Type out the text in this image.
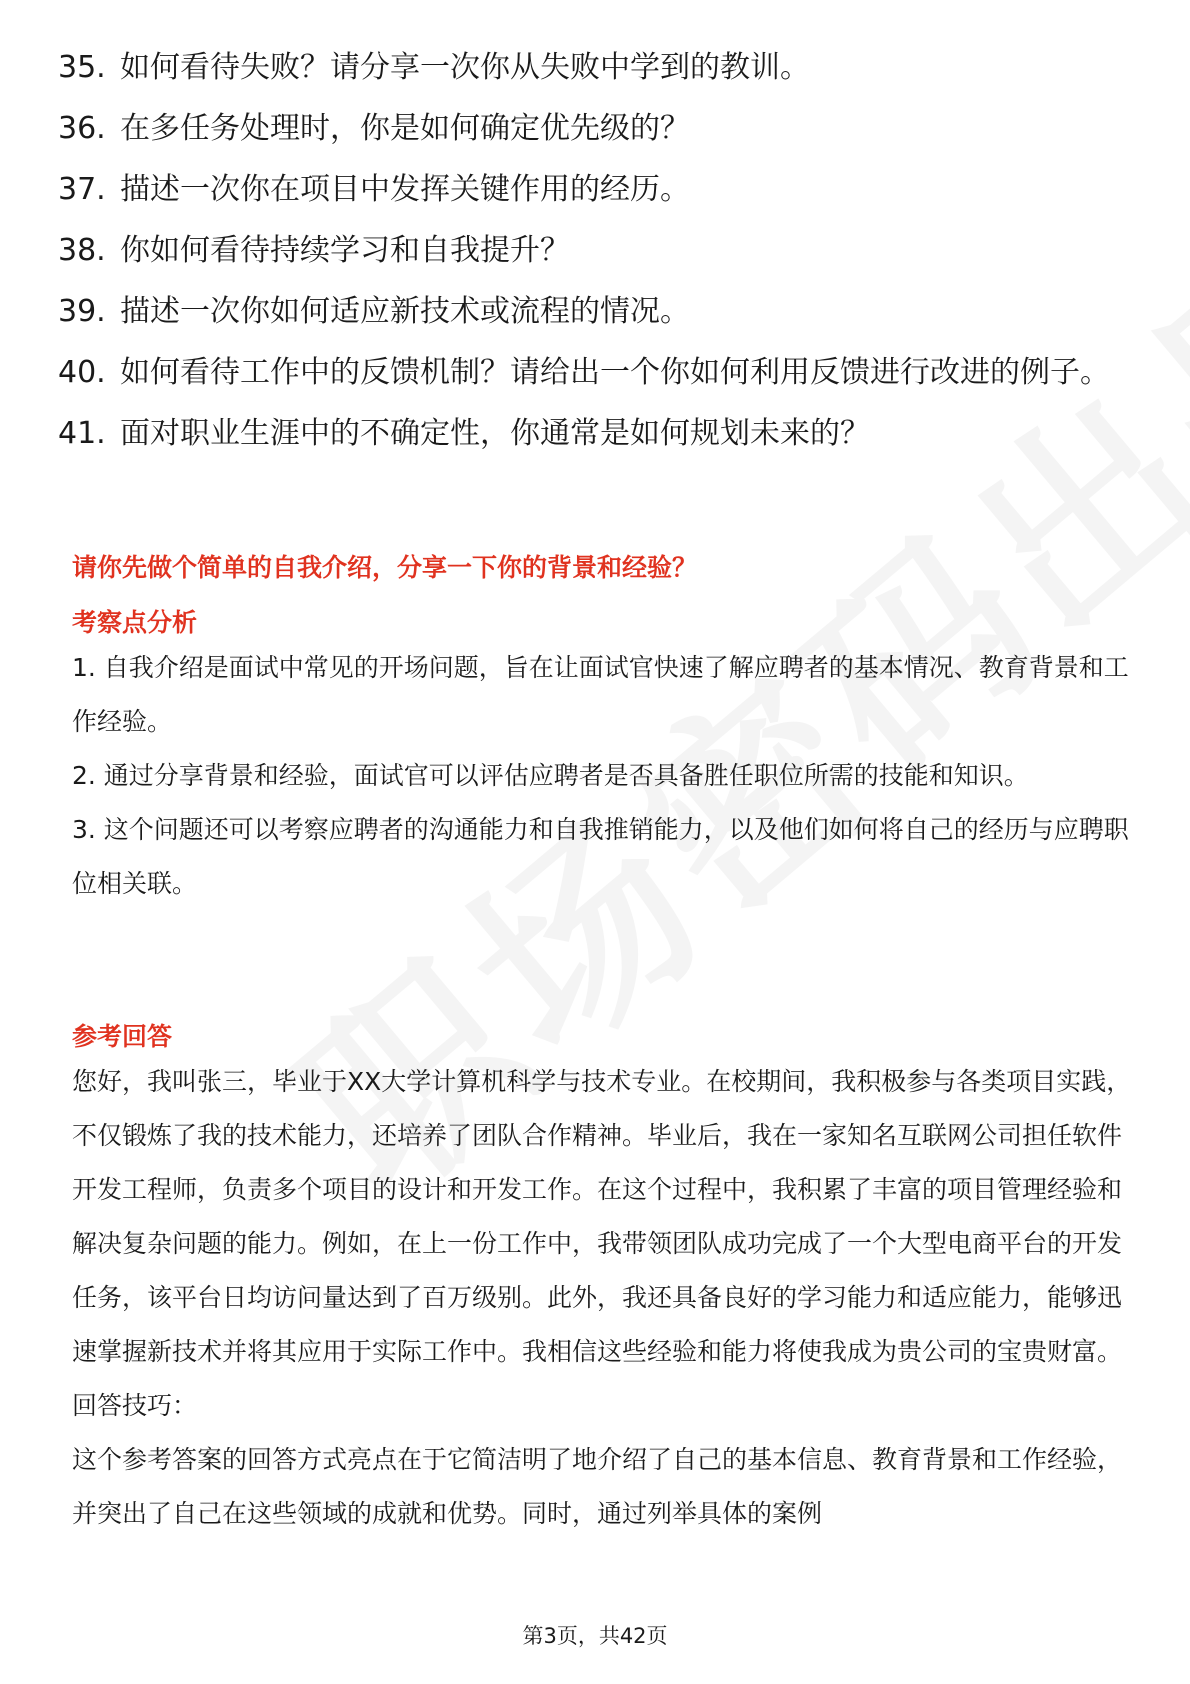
35. 如何看待失败？请分享一次你从失败中学到的教训。
36. 在多任务处理时，你是如何确定优先级的？
37. 描述一次你在项目中发挥关键作用的经历。
38. 你如何看待持续学习和自我提升？
39. 描述一次你如何适应新技术或流程的情况。
40. 如何看待工作中的反馈机制？请给出一个你如何利用反馈进行改进的例子。
41. 面对职业生涯中的不确定性，你通常是如何规划未来的？
请你先做个简单的自我介绍，分享一下你的背景和经验？
考察点分析

1. 自我介绍是面试中常见的开场问题，旨在让面试官快速了解应聘者的基本情况、教育背景和工作经验。

2. 通过分享背景和经验，面试官可以评估应聘者是否具备胜任职位所需的技能和知识。

3. 这个问题还可以考察应聘者的沟通能力和自我推销能力，以及他们如何将自己的经历与应聘职位相关联。

参考回答

您好，我叫张三，毕业于XX大学计算机科学与技术专业。在校期间，我积极参与各类项目实践，不仅锻炼了我的技术能力，还培养了团队合作精神。毕业后，我在一家知名互联网公司担任软件开发工程师，负责多个项目的设计和开发工作。在这个过程中，我积累了丰富的项目管理经验和解决复杂问题的能力。例如，在上一份工作中，我带领团队成功完成了一个大型电商平台的开发任务，该平台日均访问量达到了百万级别。此外，我还具备良好的学习能力和适应能力，能够迅速掌握新技术并将其应用于实际工作中。我相信这些经验和能力将使我成为贵公司的宝贵财富。

回答技巧：

这个参考答案的回答方式亮点在于它简洁明了地介绍了自己的基本信息、教育背景和工作经验，并突出了自己在这些领域的成就和优势。同时，通过列举具体的案例

第3页，共42页
